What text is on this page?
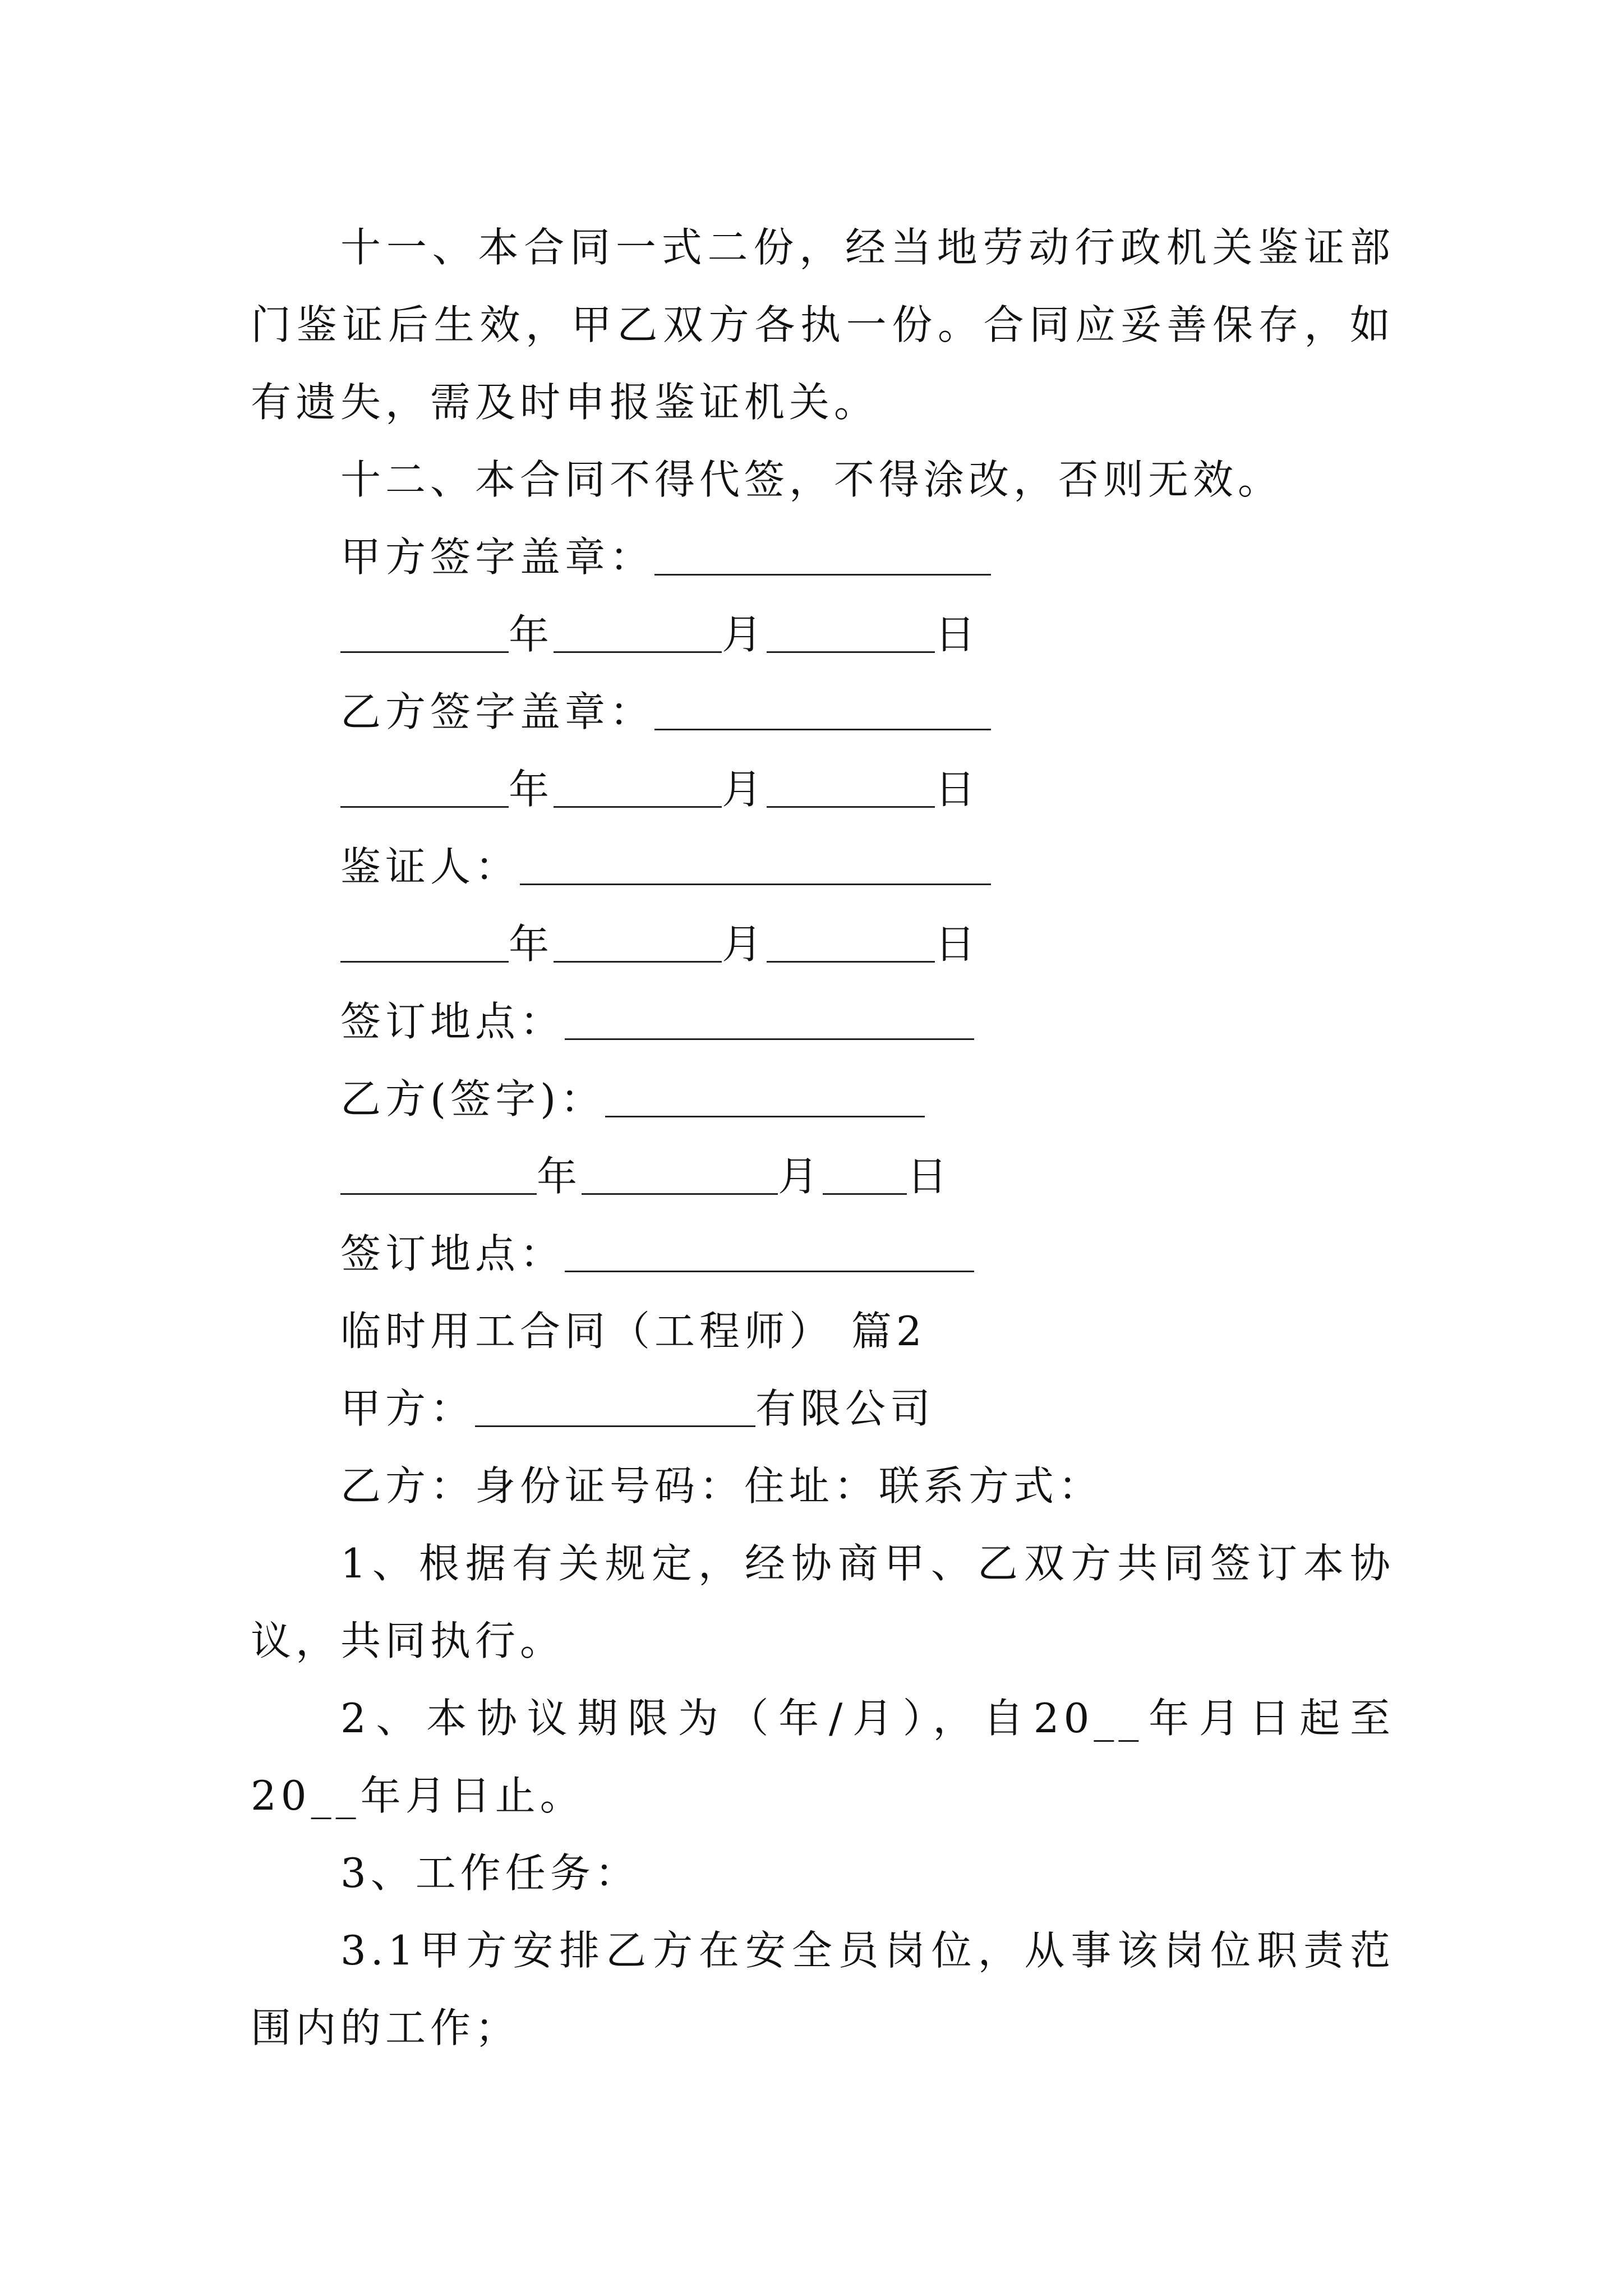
十一、本合同一式二份，经当地劳动行政机关鉴证部门鉴证后生效，甲乙双方各执一份。合同应妥善保存，如有遗失，需及时申报鉴证机关。

十二、本合同不得代签，不得涂改，否则无效。

甲方签字盖章：

年	月	日

乙方签字盖章：

年	月	日

鉴证人：

年	月	日

签订地点：

乙方(签字)：

年	月 日

签订地点：

临时用工合同（工程师） 篇2

甲方：	有限公司

乙方：身份证号码：住址：联系方式：

1、根据有关规定，经协商甲、乙双方共同签订本协议，共同执行。

2、本协议期限为（年/月），自20__年月日起至20__年月日止。

3、工作任务：

3.1甲方安排乙方在安全员岗位，从事该岗位职责范围内的工作；
